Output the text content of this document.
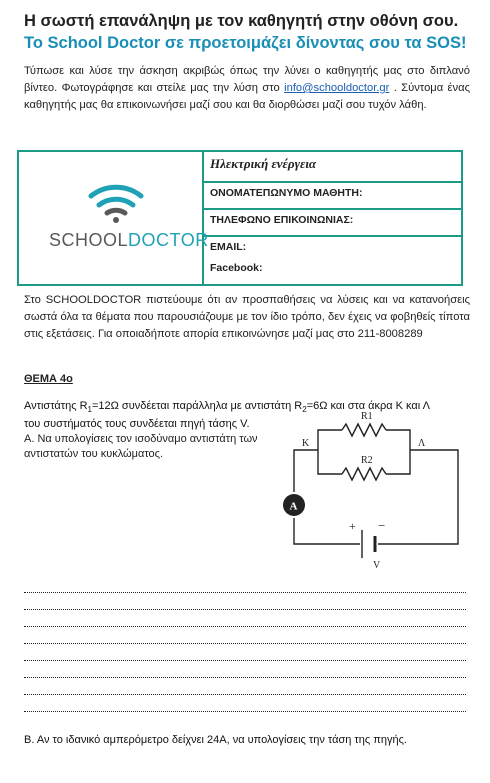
Η σωστή επανάληψη με τον καθηγητή στην οθόνη σου.
Το School Doctor σε προετοιμάζει δίνοντας σου τα SOS!
Τύπωσε και λύσε την άσκηση ακριβώς όπως την λύνει ο καθηγητής μας στο διπλανό βίντεο. Φωτογράφησε και στείλε μας την λύση στο info@schooldoctor.gr . Σύντομα ένας καθηγητής μας θα επικοινωνήσει μαζί σου και θα διορθώσει μαζί σου τυχόν λάθη.
SCHOOLDOCTOR
Ηλεκτρική ενέργεια
ΟΝΟΜΑΤΕΠΩΝΥΜΟ ΜΑΘΗΤΗ:
ΤΗΛΕΦΩΝΟ ΕΠΙΚΟΙΝΩΝΙΑΣ:
EMAIL:
Facebook:
Στο SCHOOLDOCTOR πιστεύουμε ότι αν προσπαθήσεις να λύσεις και να κατανοήσεις σωστά όλα τα θέματα που παρουσιάζουμε με τον ίδιο τρόπο, δεν έχεις να φοβηθείς τίποτα στις εξετάσεις. Για οποιαδήποτε απορία επικοινώνησε μαζί μας στο 211-8008289
ΘΕΜΑ 4ο
Αντιστάτης $R_1=12\Omega$ συνδέεται παράλληλα με αντιστάτη $R_2=6\Omega$ και στα άκρα Κ και Λ
του συστήματός τους συνδέεται πηγή τάσης V.
Α. Να υπολογίσεις τον ισοδύναμο αντιστάτη των αντιστατών του κυκλώματος.
A
R1
R2
Κ	Λ
+ −
V
Β. Αν το ιδανικό αμπερόμετρο δείχνει 24Α, να υπολογίσεις την τάση της πηγής.
